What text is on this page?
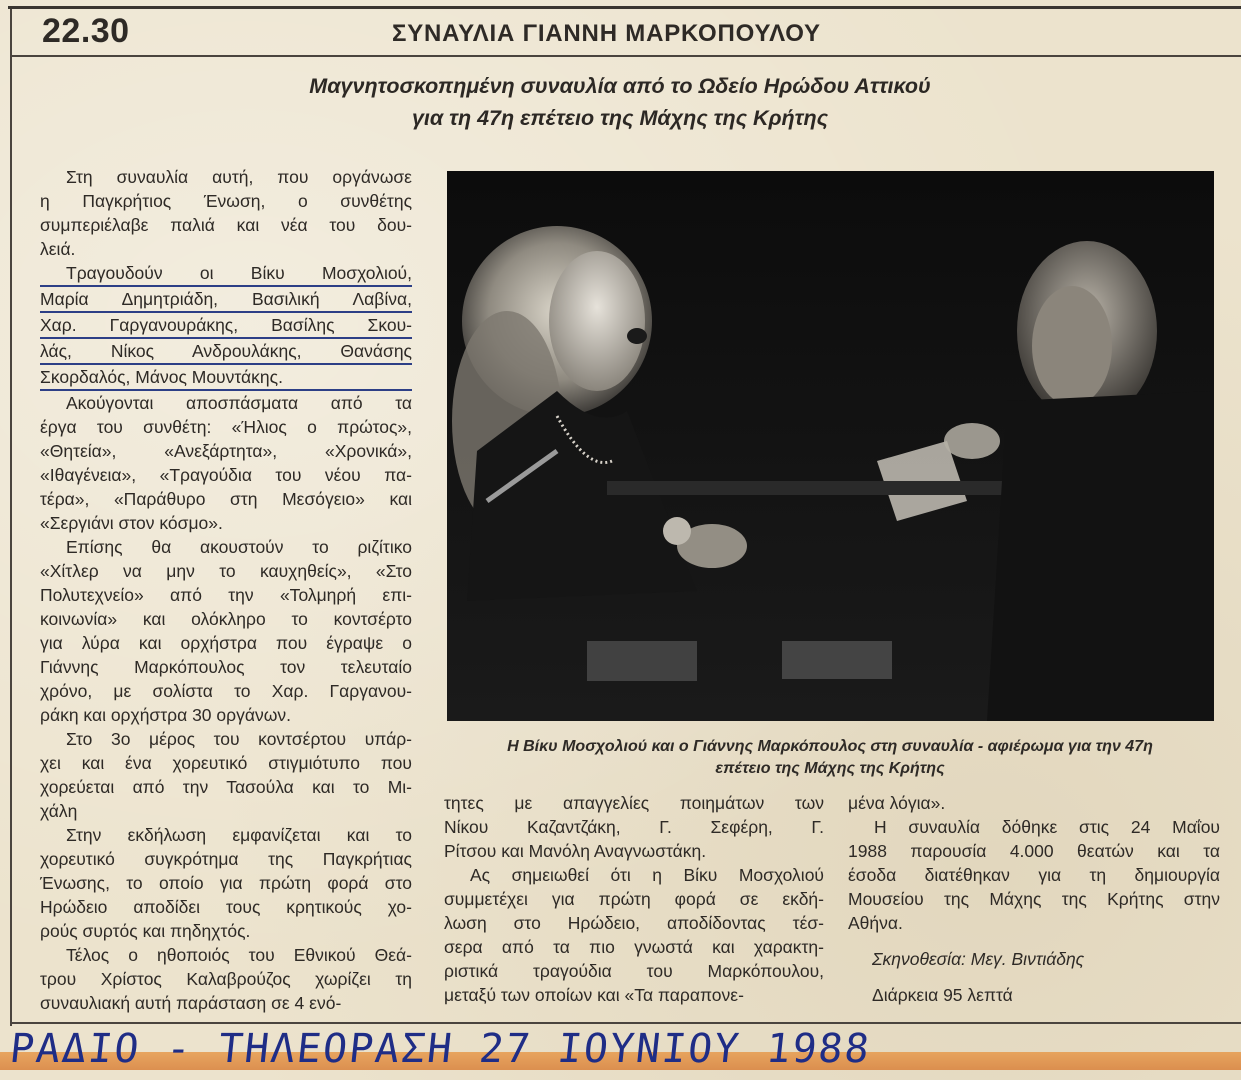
22.30	ΣΥΝΑΥΛΙΑ ΓΙΑΝΝΗ ΜΑΡΚΟΠΟΥΛΟΥ
Μαγνητοσκοπημένη συναυλία από το Ωδείο Ηρώδου Αττικού
για τη 47η επέτειο της Μάχης της Κρήτης
Στη συναυλία αυτή, που οργάνωσε
η Παγκρήτιος Ένωση, ο συνθέτης
συμπεριέλαβε παλιά και νέα του δου-
λειά.
Τραγουδούν οι Βίκυ Μοσχολιού,
Μαρία Δημητριάδη, Βασιλική Λαβίνα,
Χαρ. Γαργανουράκης, Βασίλης Σκου-
λάς, Νίκος Ανδρουλάκης, Θανάσης
Σκορδαλός, Μάνος Μουντάκης.
Ακούγονται αποσπάσματα από τα
έργα του συνθέτη: «Ήλιος ο πρώτος»,
«Θητεία», «Ανεξάρτητα», «Χρονικά»,
«Ιθαγένεια», «Τραγούδια του νέου πα-
τέρα», «Παράθυρο στη Μεσόγειο» και
«Σεργιάνι στον κόσμο».
Επίσης θα ακουστούν το ριζίτικο
«Χίτλερ να μην το καυχηθείς», «Στο
Πολυτεχνείο» από την «Τολμηρή επι-
κοινωνία» και ολόκληρο το κοντσέρτο
για λύρα και ορχήστρα που έγραψε ο
Γιάννης Μαρκόπουλος τον τελευταίο
χρόνο, με σολίστα το Χαρ. Γαργανου-
ράκη και ορχήστρα 30 οργάνων.
Στο 3ο μέρος του κοντσέρτου υπάρ-
χει και ένα χορευτικό στιγμιότυπο που
χορεύεται από την Τασούλα και το Μι-
χάλη
Στην εκδήλωση εμφανίζεται και το
χορευτικό συγκρότημα της Παγκρήτιας
Ένωσης, το οποίο για πρώτη φορά στο
Ηρώδειο αποδίδει τους κρητικούς χο-
ρούς συρτός και πηδηχτός.
Τέλος ο ηθοποιός του Εθνικού Θεά-
τρου Χρίστος Καλαβρούζος χωρίζει τη
συναυλιακή αυτή παράσταση σε 4 ενό-
Η Βίκυ Μοσχολιού και ο Γιάννης Μαρκόπουλος στη συναυλία - αφιέρωμα για την 47η
επέτειο της Μάχης της Κρήτης
τητες με απαγγελίες ποιημάτων των
Νίκου Καζαντζάκη, Γ. Σεφέρη, Γ.
Ρίτσου και Μανόλη Αναγνωστάκη.
Ας σημειωθεί ότι η Βίκυ Μοσχολιού
συμμετέχει για πρώτη φορά σε εκδή-
λωση στο Ηρώδειο, αποδίδοντας τέσ-
σερα από τα πιο γνωστά και χαρακτη-
ριστικά τραγούδια του Μαρκόπουλου,
μεταξύ των οποίων και «Τα παραπονε-
μένα λόγια».
Η συναυλία δόθηκε στις 24 Μαΐου
1988 παρουσία 4.000 θεατών και τα
έσοδα διατέθηκαν για τη δημιουργία
Μουσείου της Μάχης της Κρήτης στην
Αθήνα.
Σκηνοθεσία: Μεγ. Βιντιάδης
Διάρκεια 95 λεπτά
ΡΑΔΙΟ - ΤΗΛΕΟΡΑΣΗ 27 ΙΟΥΝΙΟΥ 1988
